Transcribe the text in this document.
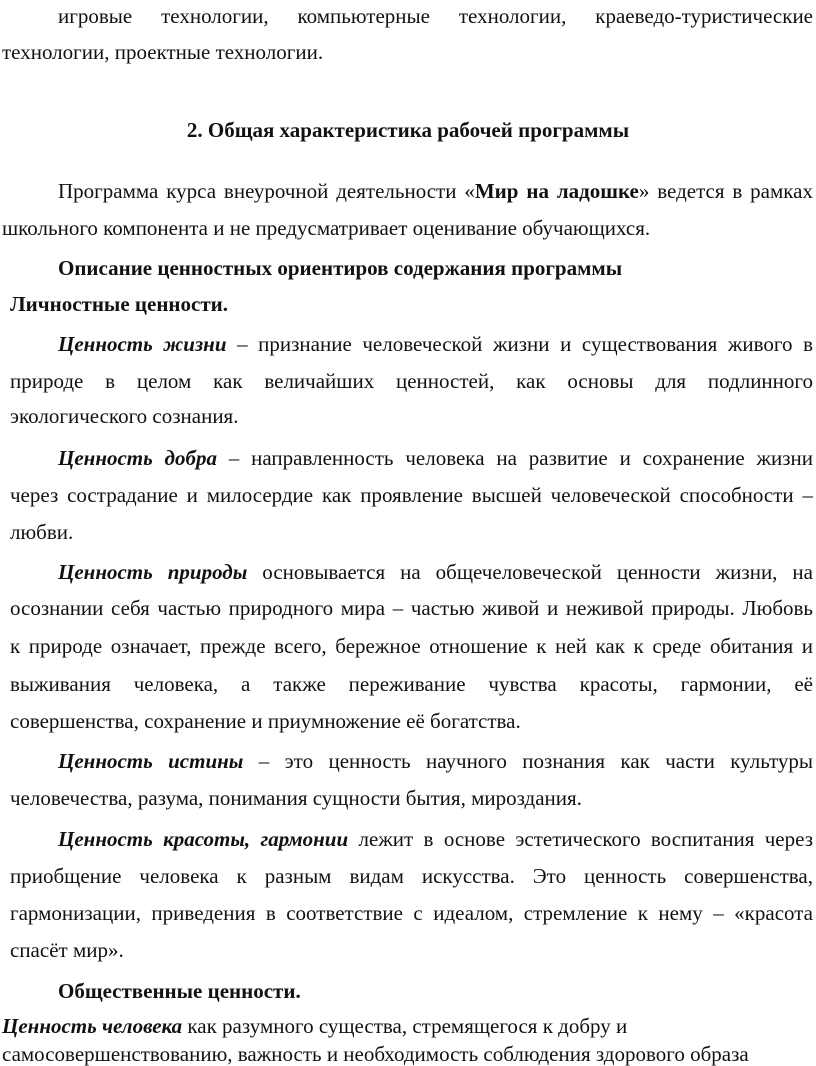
игровые технологии, компьютерные технологии, краеведо-туристические
технологии, проектные технологии.
2. Общая характеристика рабочей программы
Программа курса внеурочной деятельности «Мир на ладошке» ведется в рамках
школьного компонента и не предусматривает оценивание обучающихся.
Описание ценностных ориентиров содержания программы
Личностные ценности.
Ценность жизни – признание человеческой жизни и существования живого в
природе в целом как величайших ценностей, как основы для подлинного
экологического сознания.
Ценность добра – направленность человека на развитие и сохранение жизни
через сострадание и милосердие как проявление высшей человеческой способности –
любви.
Ценность природы основывается на общечеловеческой ценности жизни, на
осознании себя частью природного мира – частью живой и неживой природы. Любовь
к природе означает, прежде всего, бережное отношение к ней как к среде обитания и
выживания человека, а также переживание чувства красоты, гармонии, её
совершенства, сохранение и приумножение её богатства.
Ценность истины – это ценность научного познания как части культуры
человечества, разума, понимания сущности бытия, мироздания.
Ценность красоты, гармонии лежит в основе эстетического воспитания через
приобщение человека к разным видам искусства. Это ценность совершенства,
гармонизации, приведения в соответствие с идеалом, стремление к нему – «красота
спасёт мир».
Общественные ценности.
Ценность человека как разумного существа, стремящегося к добру и
самосовершенствованию, важность и необходимость соблюдения здорового образа
